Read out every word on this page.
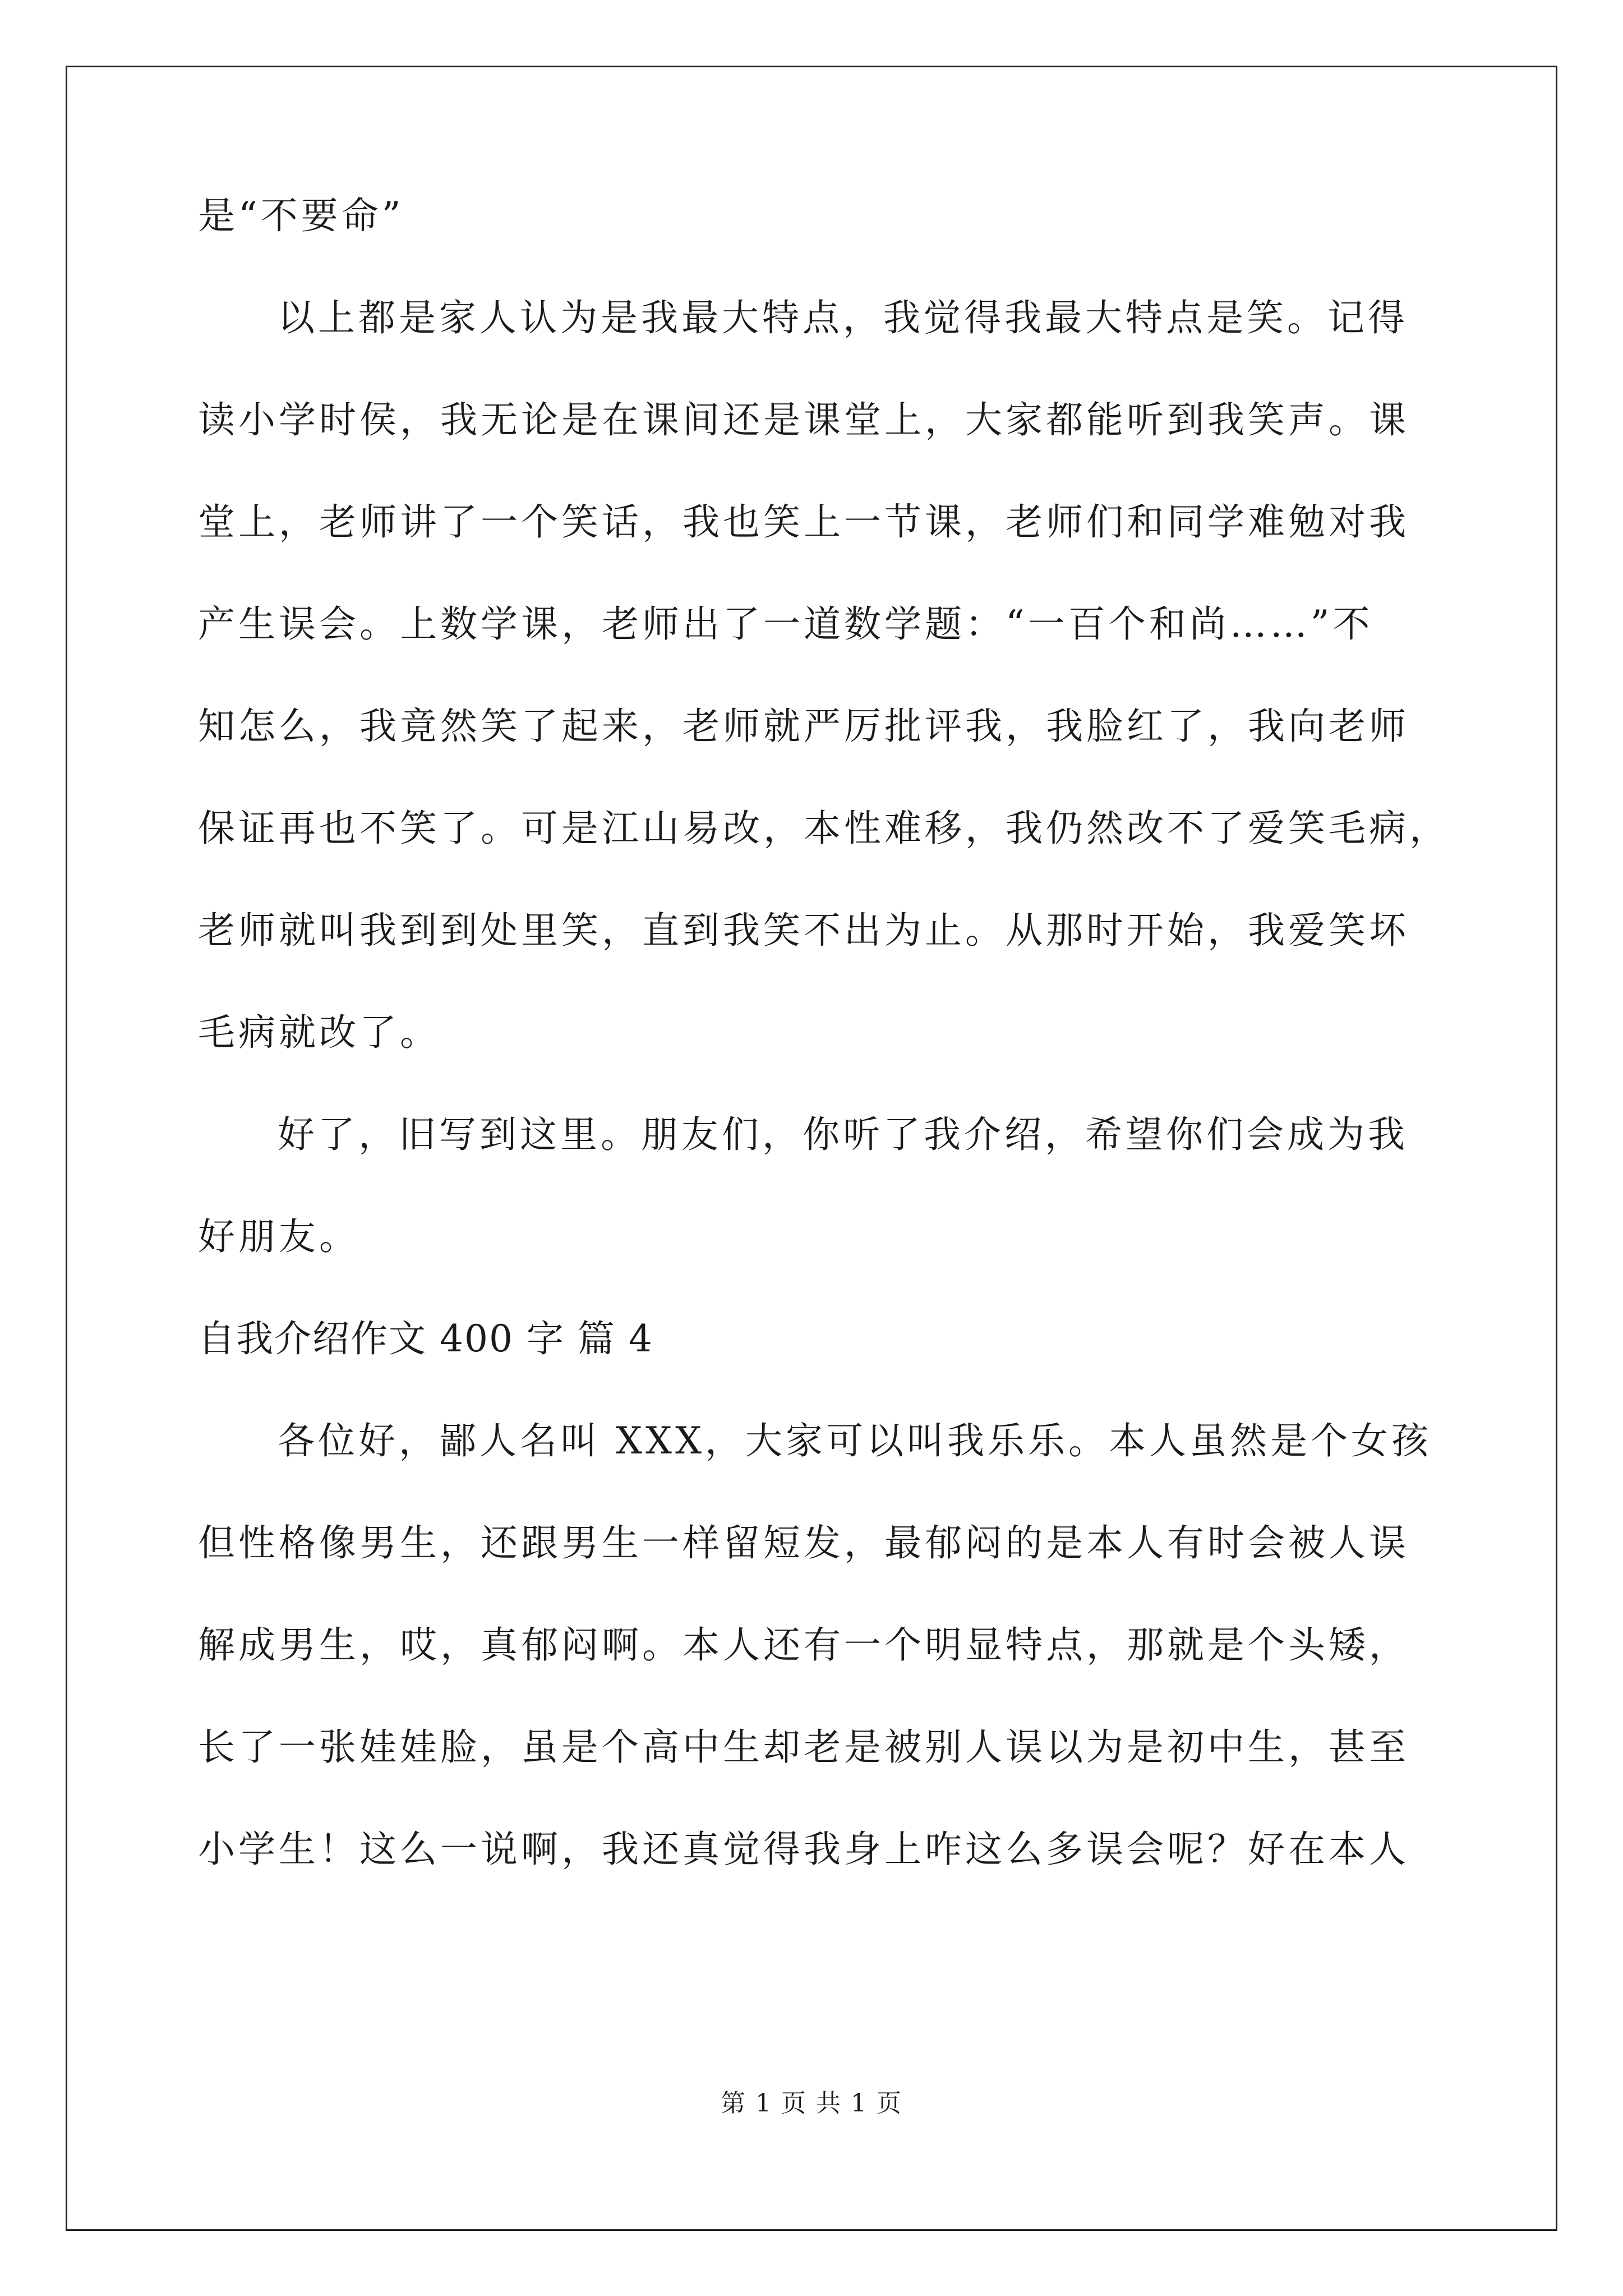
是“不要命”

以上都是家人认为是我最大特点，我觉得我最大特点是笑。记得

读小学时侯，我无论是在课间还是课堂上，大家都能听到我笑声。课

堂上，老师讲了一个笑话，我也笑上一节课，老师们和同学难勉对我

产生误会。上数学课，老师出了一道数学题：“一百个和尚……”不

知怎么，我竟然笑了起来，老师就严厉批评我，我脸红了，我向老师

保证再也不笑了。可是江山易改，本性难移，我仍然改不了爱笑毛病，

老师就叫我到到处里笑，直到我笑不出为止。从那时开始，我爱笑坏

毛病就改了。

好了，旧写到这里。朋友们，你听了我介绍，希望你们会成为我

好朋友。

自我介绍作文 400 字 篇 4

各位好，鄙人名叫 XXX，大家可以叫我乐乐。本人虽然是个女孩

但性格像男生，还跟男生一样留短发，最郁闷的是本人有时会被人误

解成男生，哎，真郁闷啊。本人还有一个明显特点，那就是个头矮，

长了一张娃娃脸，虽是个高中生却老是被别人误以为是初中生，甚至

小学生！这么一说啊，我还真觉得我身上咋这么多误会呢？好在本人

第 1 页 共 1 页
